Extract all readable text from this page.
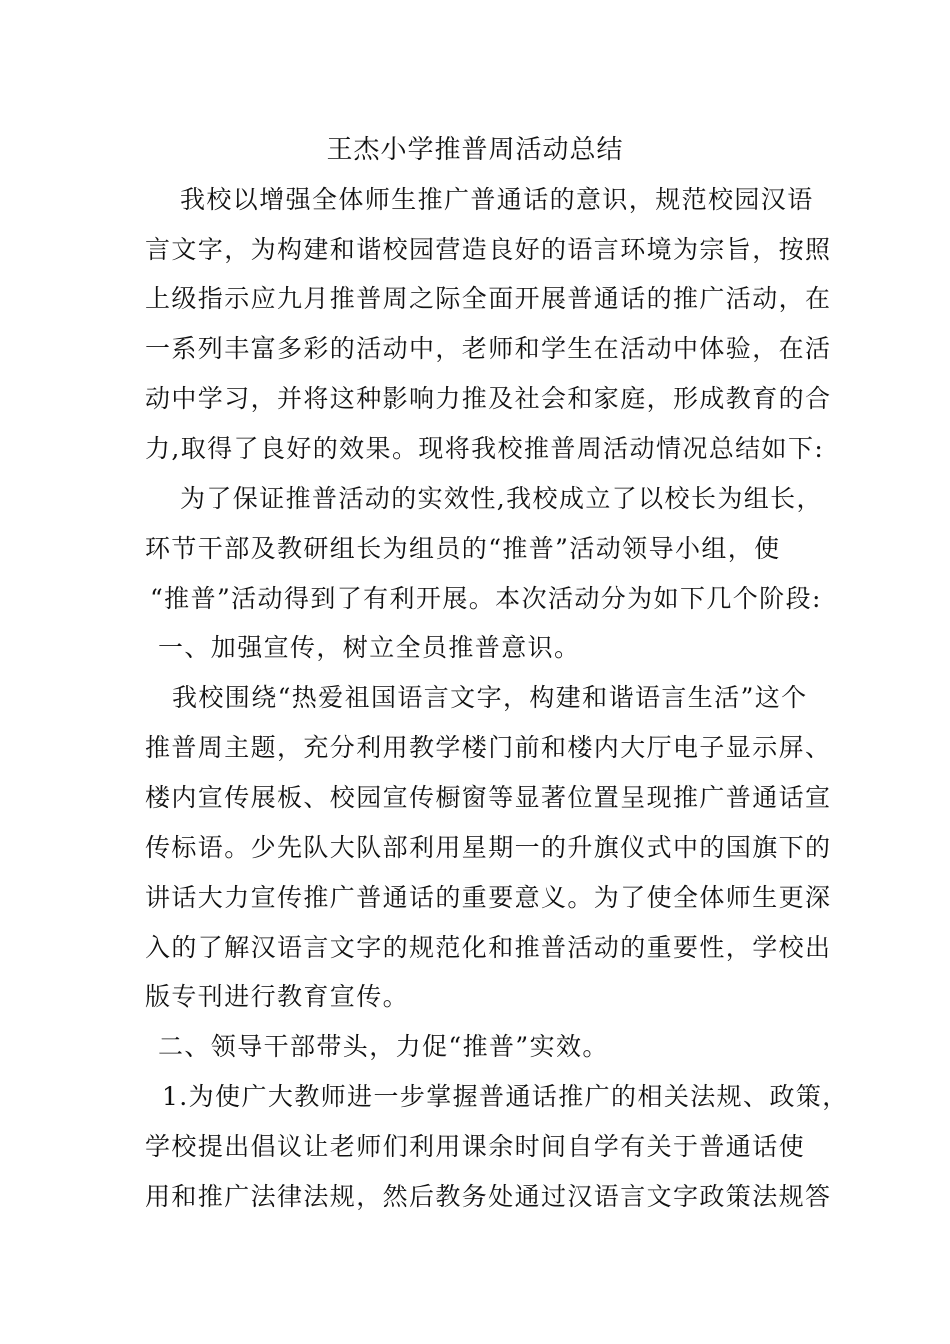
王杰小学推普周活动总结
我校以增强全体师生推广普通话的意识，规范校园汉语
言文字，为构建和谐校园营造良好的语言环境为宗旨，按照
上级指示应九月推普周之际全面开展普通话的推广活动，在
一系列丰富多彩的活动中，老师和学生在活动中体验，在活
动中学习，并将这种影响力推及社会和家庭，形成教育的合
力,取得了良好的效果。现将我校推普周活动情况总结如下:
为了保证推普活动的实效性,我校成立了以校长为组长，
环节干部及教研组长为组员的“推普”活动领导小组，使
“推普”活动得到了有利开展。本次活动分为如下几个阶段:
一、加强宣传，树立全员推普意识。
我校围绕“热爱祖国语言文字，构建和谐语言生活”这个
推普周主题，充分利用教学楼门前和楼内大厅电子显示屏、
楼内宣传展板、校园宣传橱窗等显著位置呈现推广普通话宣
传标语。少先队大队部利用星期一的升旗仪式中的国旗下的
讲话大力宣传推广普通话的重要意义。为了使全体师生更深
入的了解汉语言文字的规范化和推普活动的重要性，学校出
版专刊进行教育宣传。
二、领导干部带头，力促“推普”实效。
1.为使广大教师进一步掌握普通话推广的相关法规、政策，
学校提出倡议让老师们利用课余时间自学有关于普通话使
用和推广法律法规，然后教务处通过汉语言文字政策法规答
